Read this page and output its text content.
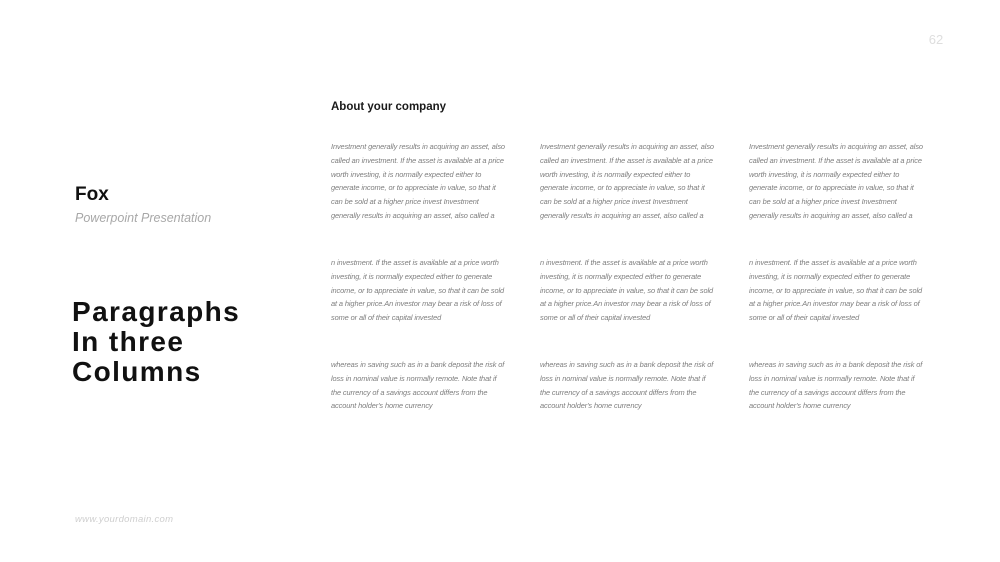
62
Fox
Powerpoint Presentation
Paragraphs
In three
Columns
www.yourdomain.com
About your company

Investment generally results in acquiring an asset, also called an investment. If the asset is available at a price worth investing, it is normally expected either to generate income, or to appreciate in value, so that it can be sold at a higher price invest Investment generally results in acquiring an asset, also called a

n investment. If the asset is available at a price worth investing, it is normally expected either to generate income, or to appreciate in value, so that it can be sold at a higher price.An investor may bear a risk of loss of some or all of their capital invested

whereas in saving such as in a bank deposit the risk of loss in nominal value is normally remote. Note that if the currency of a savings account differs from the account holder's home currency

Investment generally results in acquiring an asset, also called an investment. If the asset is available at a price worth investing, it is normally expected either to generate income, or to appreciate in value, so that it can be sold at a higher price invest Investment generally results in acquiring an asset, also called a

n investment. If the asset is available at a price worth investing, it is normally expected either to generate income, or to appreciate in value, so that it can be sold at a higher price.An investor may bear a risk of loss of some or all of their capital invested

whereas in saving such as in a bank deposit the risk of loss in nominal value is normally remote. Note that if the currency of a savings account differs from the account holder's home currency

Investment generally results in acquiring an asset, also called an investment. If the asset is available at a price worth investing, it is normally expected either to generate income, or to appreciate in value, so that it can be sold at a higher price invest Investment generally results in acquiring an asset, also called a

n investment. If the asset is available at a price worth investing, it is normally expected either to generate income, or to appreciate in value, so that it can be sold at a higher price.An investor may bear a risk of loss of some or all of their capital invested

whereas in saving such as in a bank deposit the risk of loss in nominal value is normally remote. Note that if the currency of a savings account differs from the account holder's home currency
